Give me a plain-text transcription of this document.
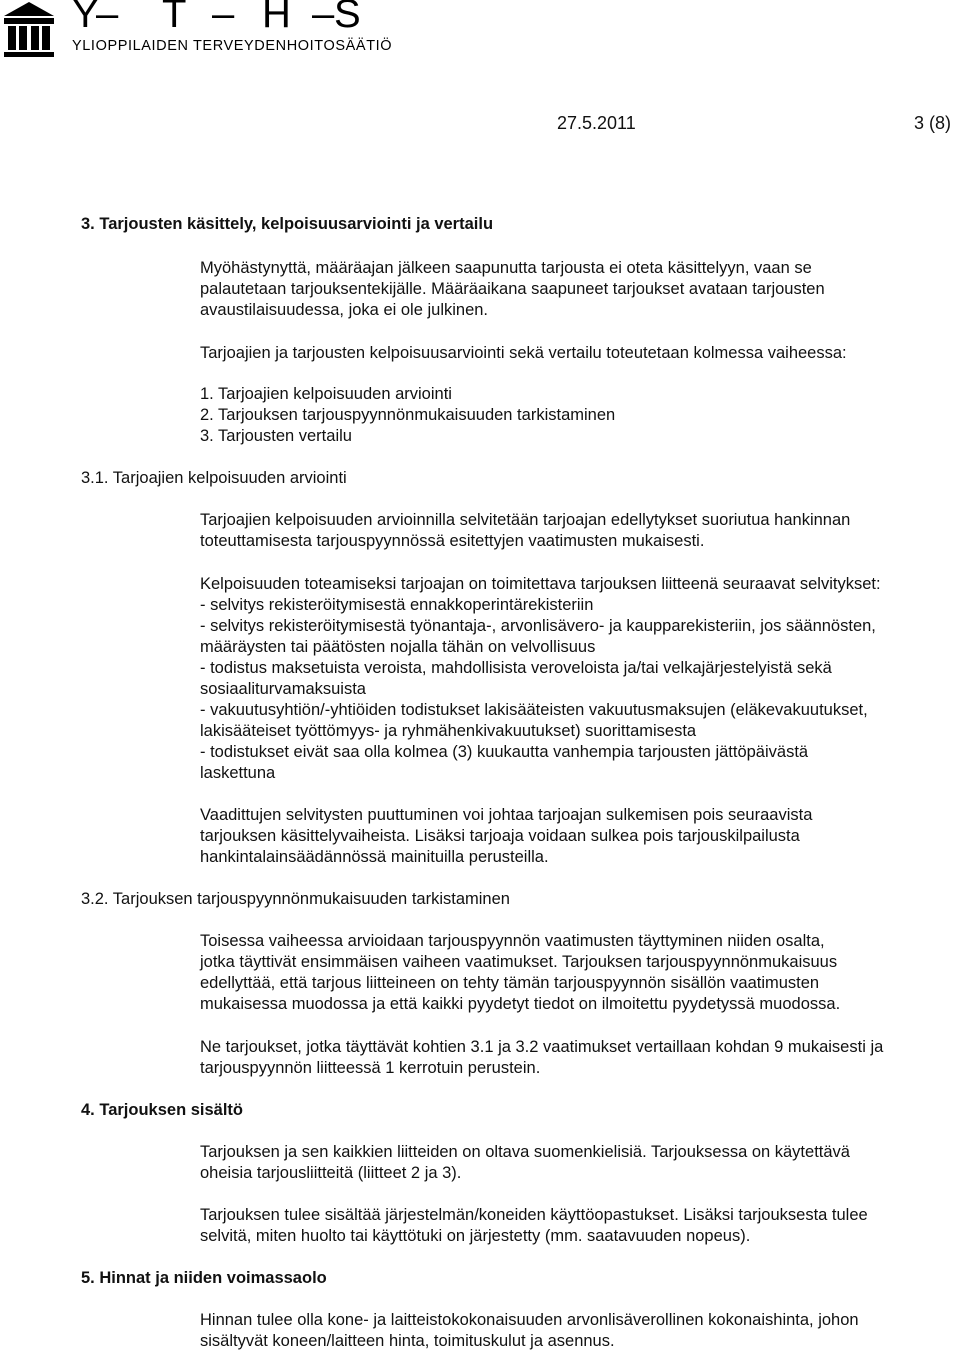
Y
– T – H – S
YLIOPPILAIDEN TERVEYDENHOITOSÄÄTIÖ
27.5.2011	3 (8)
3. Tarjousten käsittely, kelpoisuusarviointi ja vertailu
Myöhästynyttä, määräajan jälkeen saapunutta tarjousta ei oteta käsittelyyn, vaan se
palautetaan tarjouksentekijälle. Määräaikana saapuneet tarjoukset avataan tarjousten
avaustilaisuudessa, joka ei ole julkinen.
Tarjoajien ja tarjousten kelpoisuusarviointi sekä vertailu toteutetaan kolmessa vaiheessa:
1. Tarjoajien kelpoisuuden arviointi
2. Tarjouksen tarjouspyynnönmukaisuuden tarkistaminen
3. Tarjousten vertailu
3.1. Tarjoajien kelpoisuuden arviointi
Tarjoajien kelpoisuuden arvioinnilla selvitetään tarjoajan edellytykset suoriutua hankinnan
toteuttamisesta tarjouspyynnössä esitettyjen vaatimusten mukaisesti.
Kelpoisuuden toteamiseksi tarjoajan on toimitettava tarjouksen liitteenä seuraavat selvitykset:
- selvitys rekisteröitymisestä ennakkoperintärekisteriin
- selvitys rekisteröitymisestä työnantaja-, arvonlisävero- ja kaupparekisteriin, jos säännösten,
määräysten tai päätösten nojalla tähän on velvollisuus
- todistus maksetuista veroista, mahdollisista veroveloista ja/tai velkajärjestelyistä sekä
sosiaaliturvamaksuista
- vakuutusyhtiön/-yhtiöiden todistukset lakisääteisten vakuutusmaksujen (eläkevakuutukset,
lakisääteiset työttömyys- ja ryhmähenkivakuutukset) suorittamisesta
- todistukset eivät saa olla kolmea (3) kuukautta vanhempia tarjousten jättöpäivästä
laskettuna
Vaadittujen selvitysten puuttuminen voi johtaa tarjoajan sulkemisen pois seuraavista
tarjouksen käsittelyvaiheista. Lisäksi tarjoaja voidaan sulkea pois tarjouskilpailusta
hankintalainsäädännössä mainituilla perusteilla.
3.2. Tarjouksen tarjouspyynnönmukaisuuden tarkistaminen
Toisessa vaiheessa arvioidaan tarjouspyynnön vaatimusten täyttyminen niiden osalta,
jotka täyttivät ensimmäisen vaiheen vaatimukset. Tarjouksen tarjouspyynnönmukaisuus
edellyttää, että tarjous liitteineen on tehty tämän tarjouspyynnön sisällön vaatimusten
mukaisessa muodossa ja että kaikki pyydetyt tiedot on ilmoitettu pyydetyssä muodossa.
Ne tarjoukset, jotka täyttävät kohtien 3.1 ja 3.2 vaatimukset vertaillaan kohdan 9 mukaisesti ja
tarjouspyynnön liitteessä 1 kerrotuin perustein.
4. Tarjouksen sisältö
Tarjouksen ja sen kaikkien liitteiden on oltava suomenkielisiä. Tarjouksessa on käytettävä
oheisia tarjousliitteitä (liitteet 2 ja 3).
Tarjouksen tulee sisältää järjestelmän/koneiden käyttöopastukset. Lisäksi tarjouksesta tulee
selvitä, miten huolto tai käyttötuki on järjestetty (mm. saatavuuden nopeus).
5. Hinnat ja niiden voimassaolo
Hinnan tulee olla kone- ja laitteistokokonaisuuden arvonlisäverollinen kokonaishinta, johon
sisältyvät koneen/laitteen hinta, toimituskulut ja asennus.
